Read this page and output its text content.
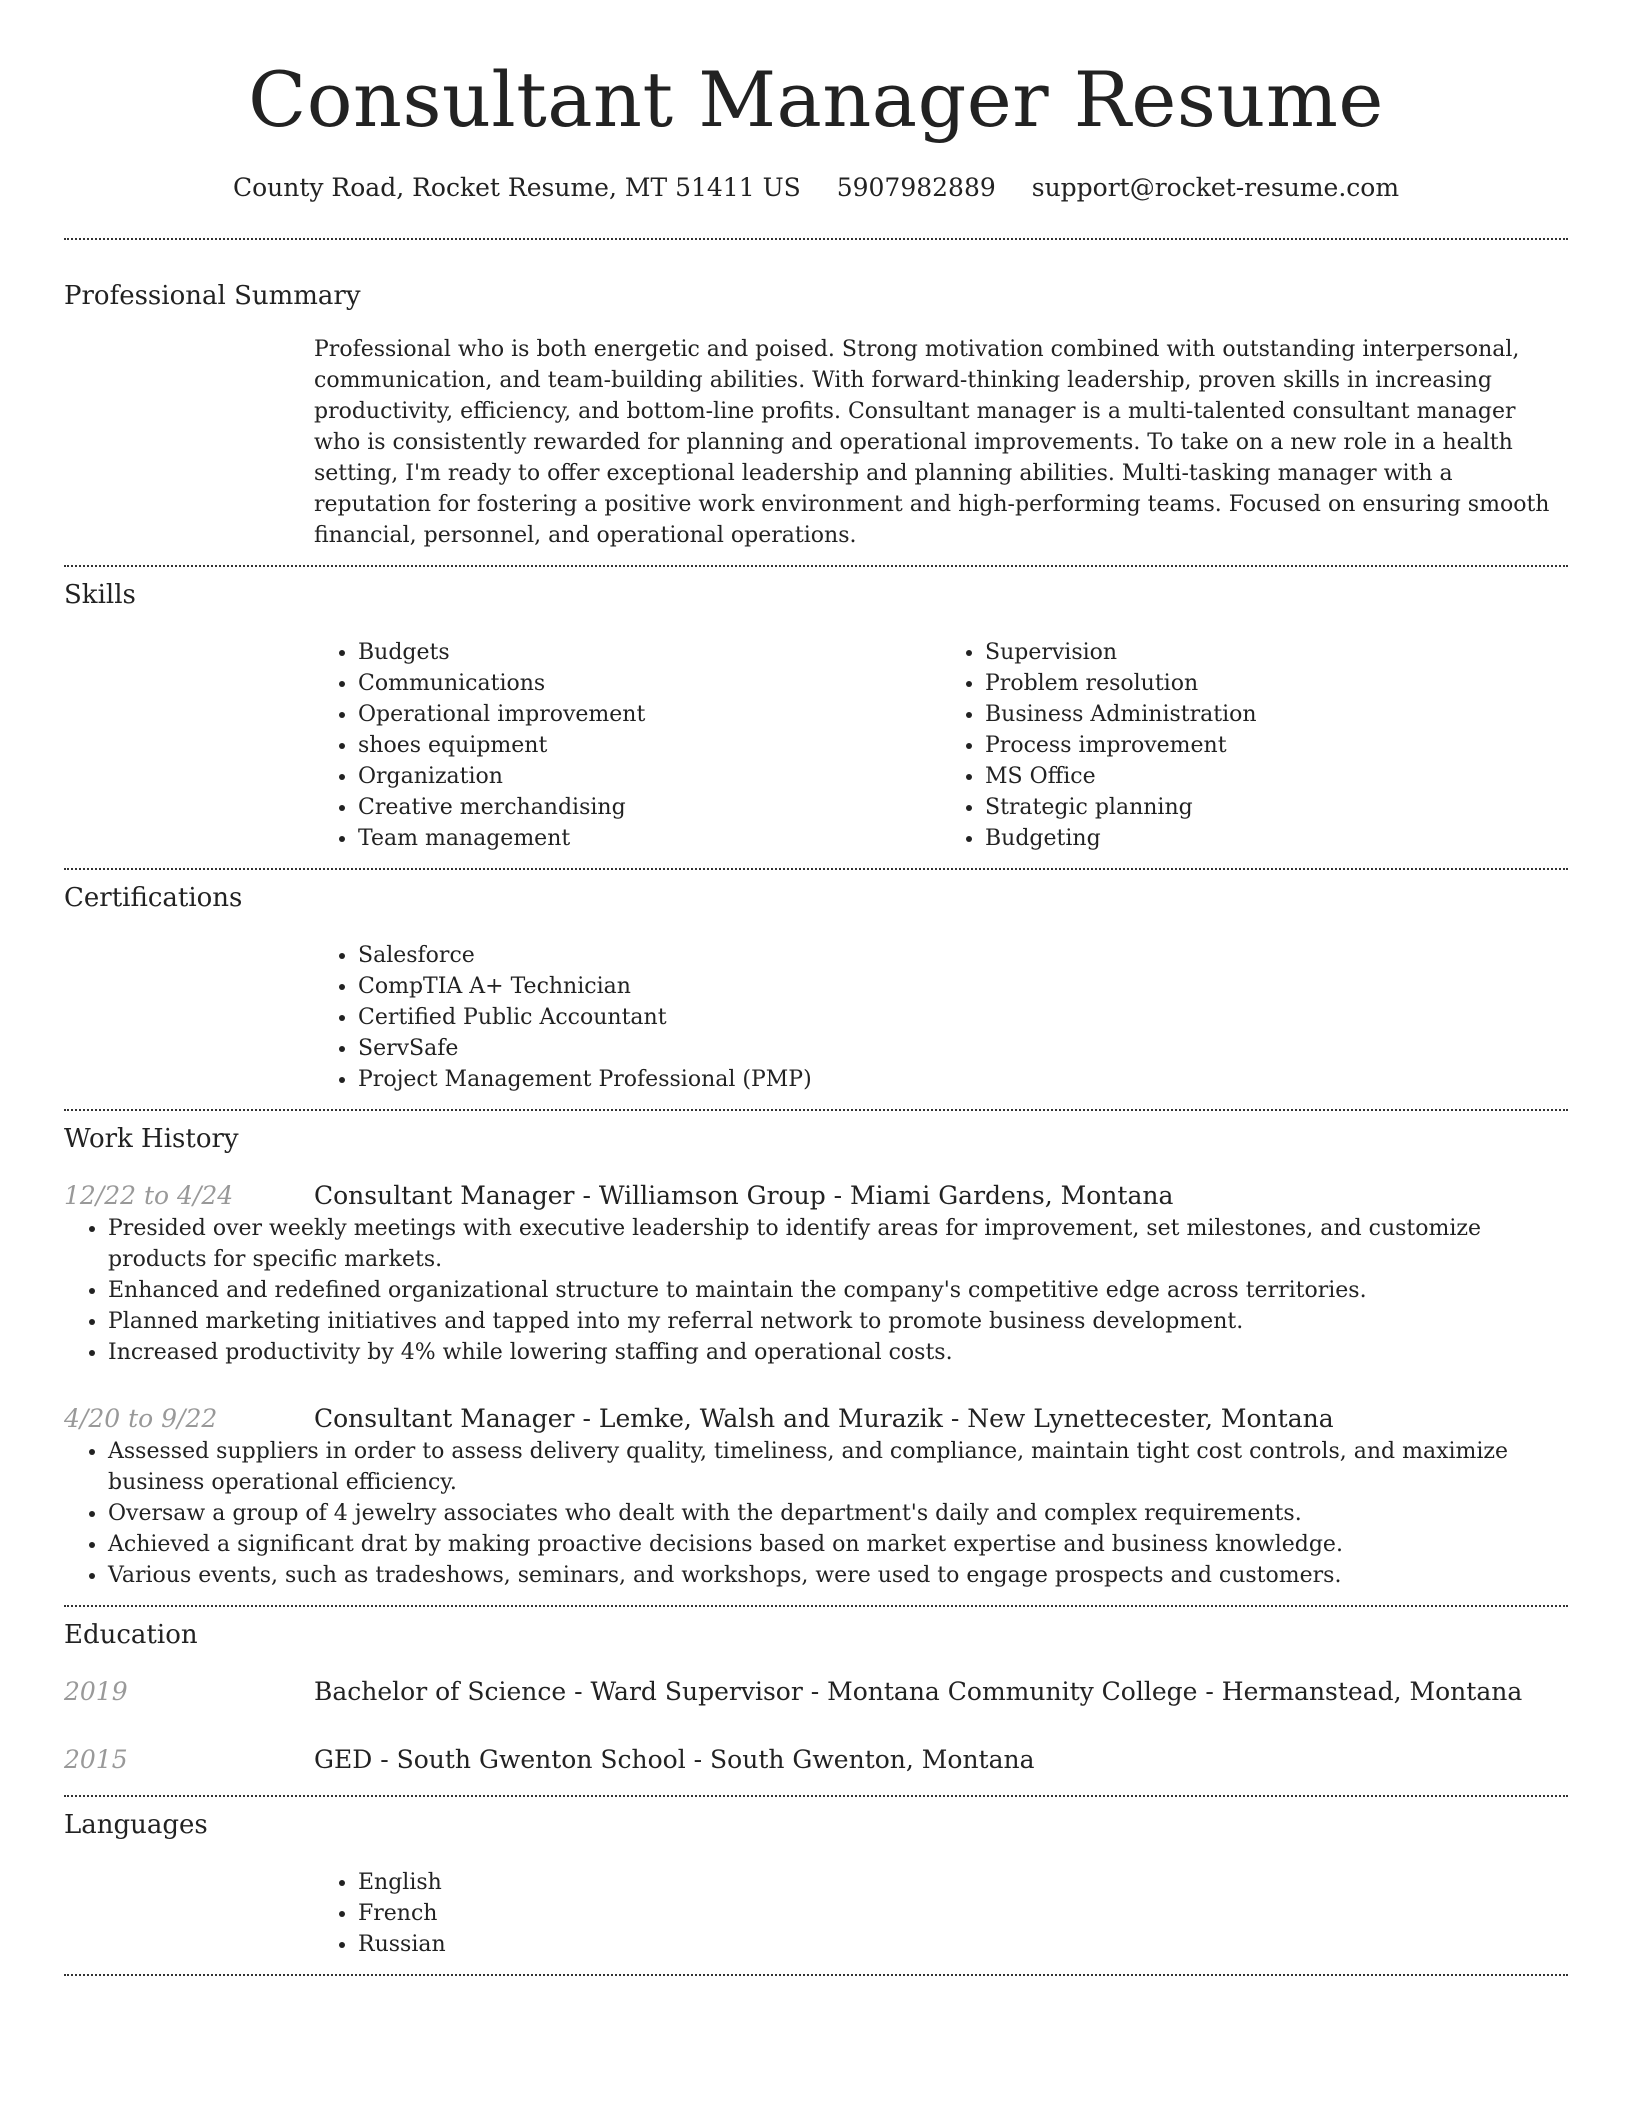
Consultant Manager Resume
County Road, Rocket Resume, MT 51411 US 5907982889 support@rocket-resume.com
Professional Summary

Professional who is both energetic and poised. Strong motivation combined with outstanding interpersonal, communication, and team-building abilities. With forward-thinking leadership, proven skills in increasing productivity, efficiency, and bottom-line profits. Consultant manager is a multi-talented consultant manager who is consistently rewarded for planning and operational improvements. To take on a new role in a health setting, I'm ready to offer exceptional leadership and planning abilities. Multi-tasking manager with a reputation for fostering a positive work environment and high-performing teams. Focused on ensuring smooth financial, personnel, and operational operations.

Skills
• Budgets
• Communications
• Operational improvement
• shoes equipment
• Organization
• Creative merchandising
• Team management
• Supervision
• Problem resolution
• Business Administration
• Process improvement
• MS Office
• Strategic planning
• Budgeting
Certifications
• Salesforce
• CompTIA A+ Technician
• Certified Public Accountant
• ServSafe
• Project Management Professional (PMP)
Work History
12/22 to 4/24	Consultant Manager - Williamson Group - Miami Gardens, Montana
• Presided over weekly meetings with executive leadership to identify areas for improvement, set milestones, and customize products for specific markets.
• Enhanced and redefined organizational structure to maintain the company's competitive edge across territories.
• Planned marketing initiatives and tapped into my referral network to promote business development.
• Increased productivity by 4% while lowering staffing and operational costs.
4/20 to 9/22	Consultant Manager - Lemke, Walsh and Murazik - New Lynettecester, Montana
• Assessed suppliers in order to assess delivery quality, timeliness, and compliance, maintain tight cost controls, and maximize business operational efficiency.
• Oversaw a group of 4 jewelry associates who dealt with the department's daily and complex requirements.
• Achieved a significant drat by making proactive decisions based on market expertise and business knowledge.
• Various events, such as tradeshows, seminars, and workshops, were used to engage prospects and customers.
Education
2019	Bachelor of Science - Ward Supervisor - Montana Community College - Hermanstead, Montana
2015	GED - South Gwenton School - South Gwenton, Montana
Languages
• English
• French
• Russian
